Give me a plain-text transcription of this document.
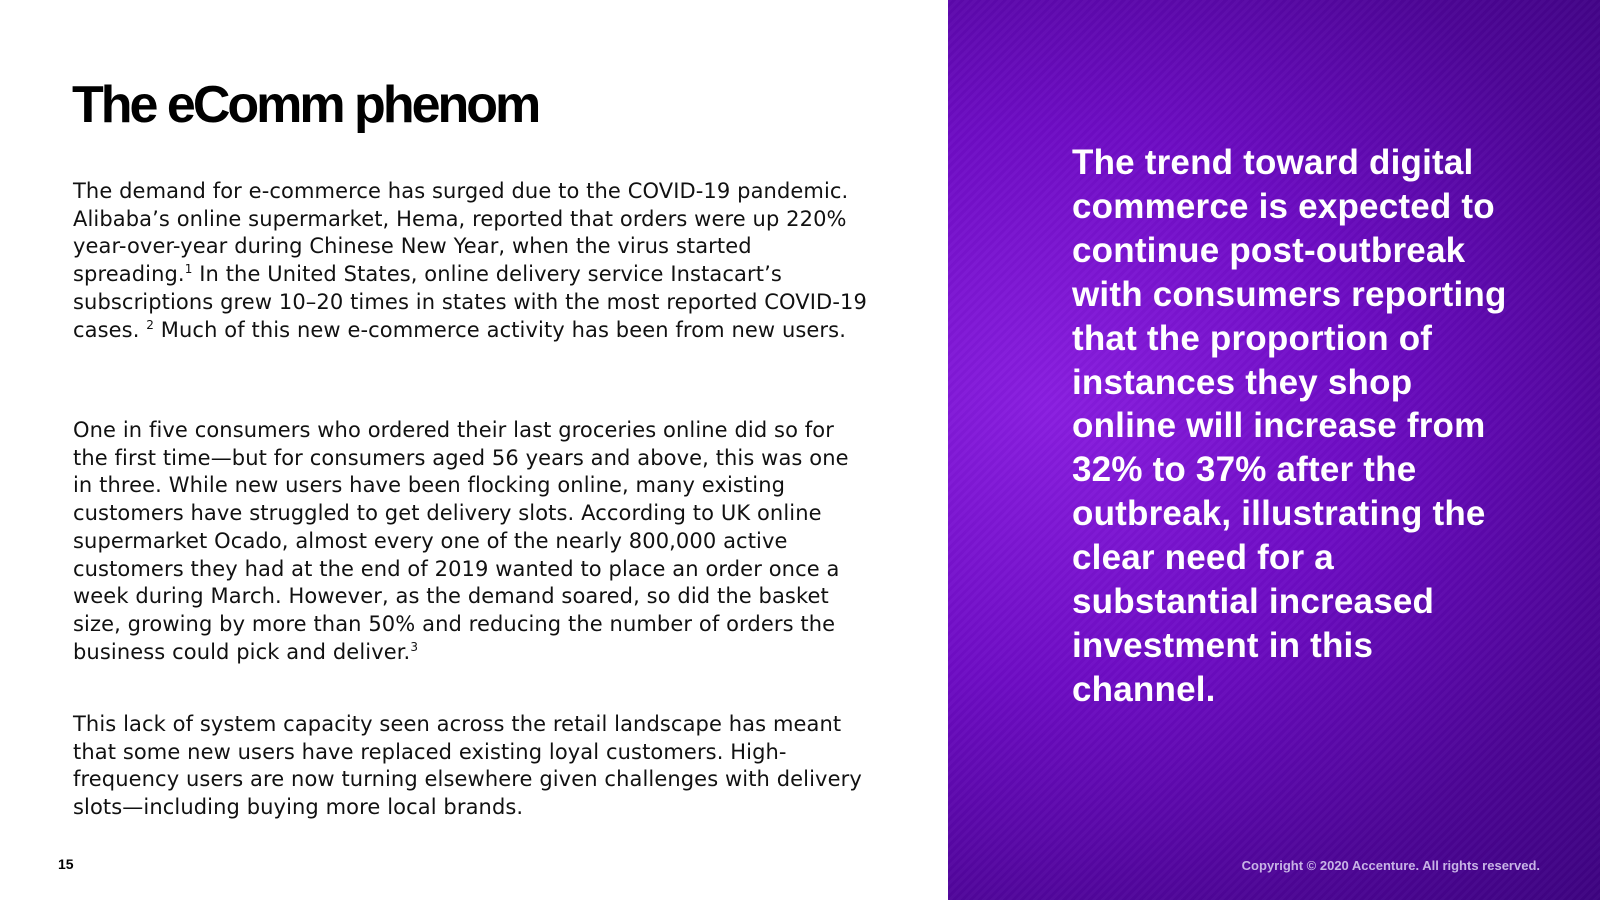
The eComm phenom

The demand for e-commerce has surged due to the COVID-19 pandemic. Alibaba’s online supermarket, Hema, reported that orders were up 220% year-over-year during Chinese New Year, when the virus started spreading.$^1$ In the United States, online delivery service Instacart’s subscriptions grew 10–20 times in states with the most reported COVID-19 cases. $^2$ Much of this new e-commerce activity has been from new users.

One in five consumers who ordered their last groceries online did so for the first time—but for consumers aged 56 years and above, this was one in three. While new users have been flocking online, many existing customers have struggled to get delivery slots. According to UK online supermarket Ocado, almost every one of the nearly 800,000 active customers they had at the end of 2019 wanted to place an order once a week during March. However, as the demand soared, so did the basket size, growing by more than 50% and reducing the number of orders the business could pick and deliver.$^3$

This lack of system capacity seen across the retail landscape has meant that some new users have replaced existing loyal customers. High-frequency users are now turning elsewhere given challenges with delivery slots—including buying more local brands.

15

The trend toward digital commerce is expected to continue post-outbreak with consumers reporting that the proportion of instances they shop online will increase from 32% to 37% after the outbreak, illustrating the clear need for a substantial increased investment in this channel.

Copyright © 2020 Accenture. All rights reserved.
